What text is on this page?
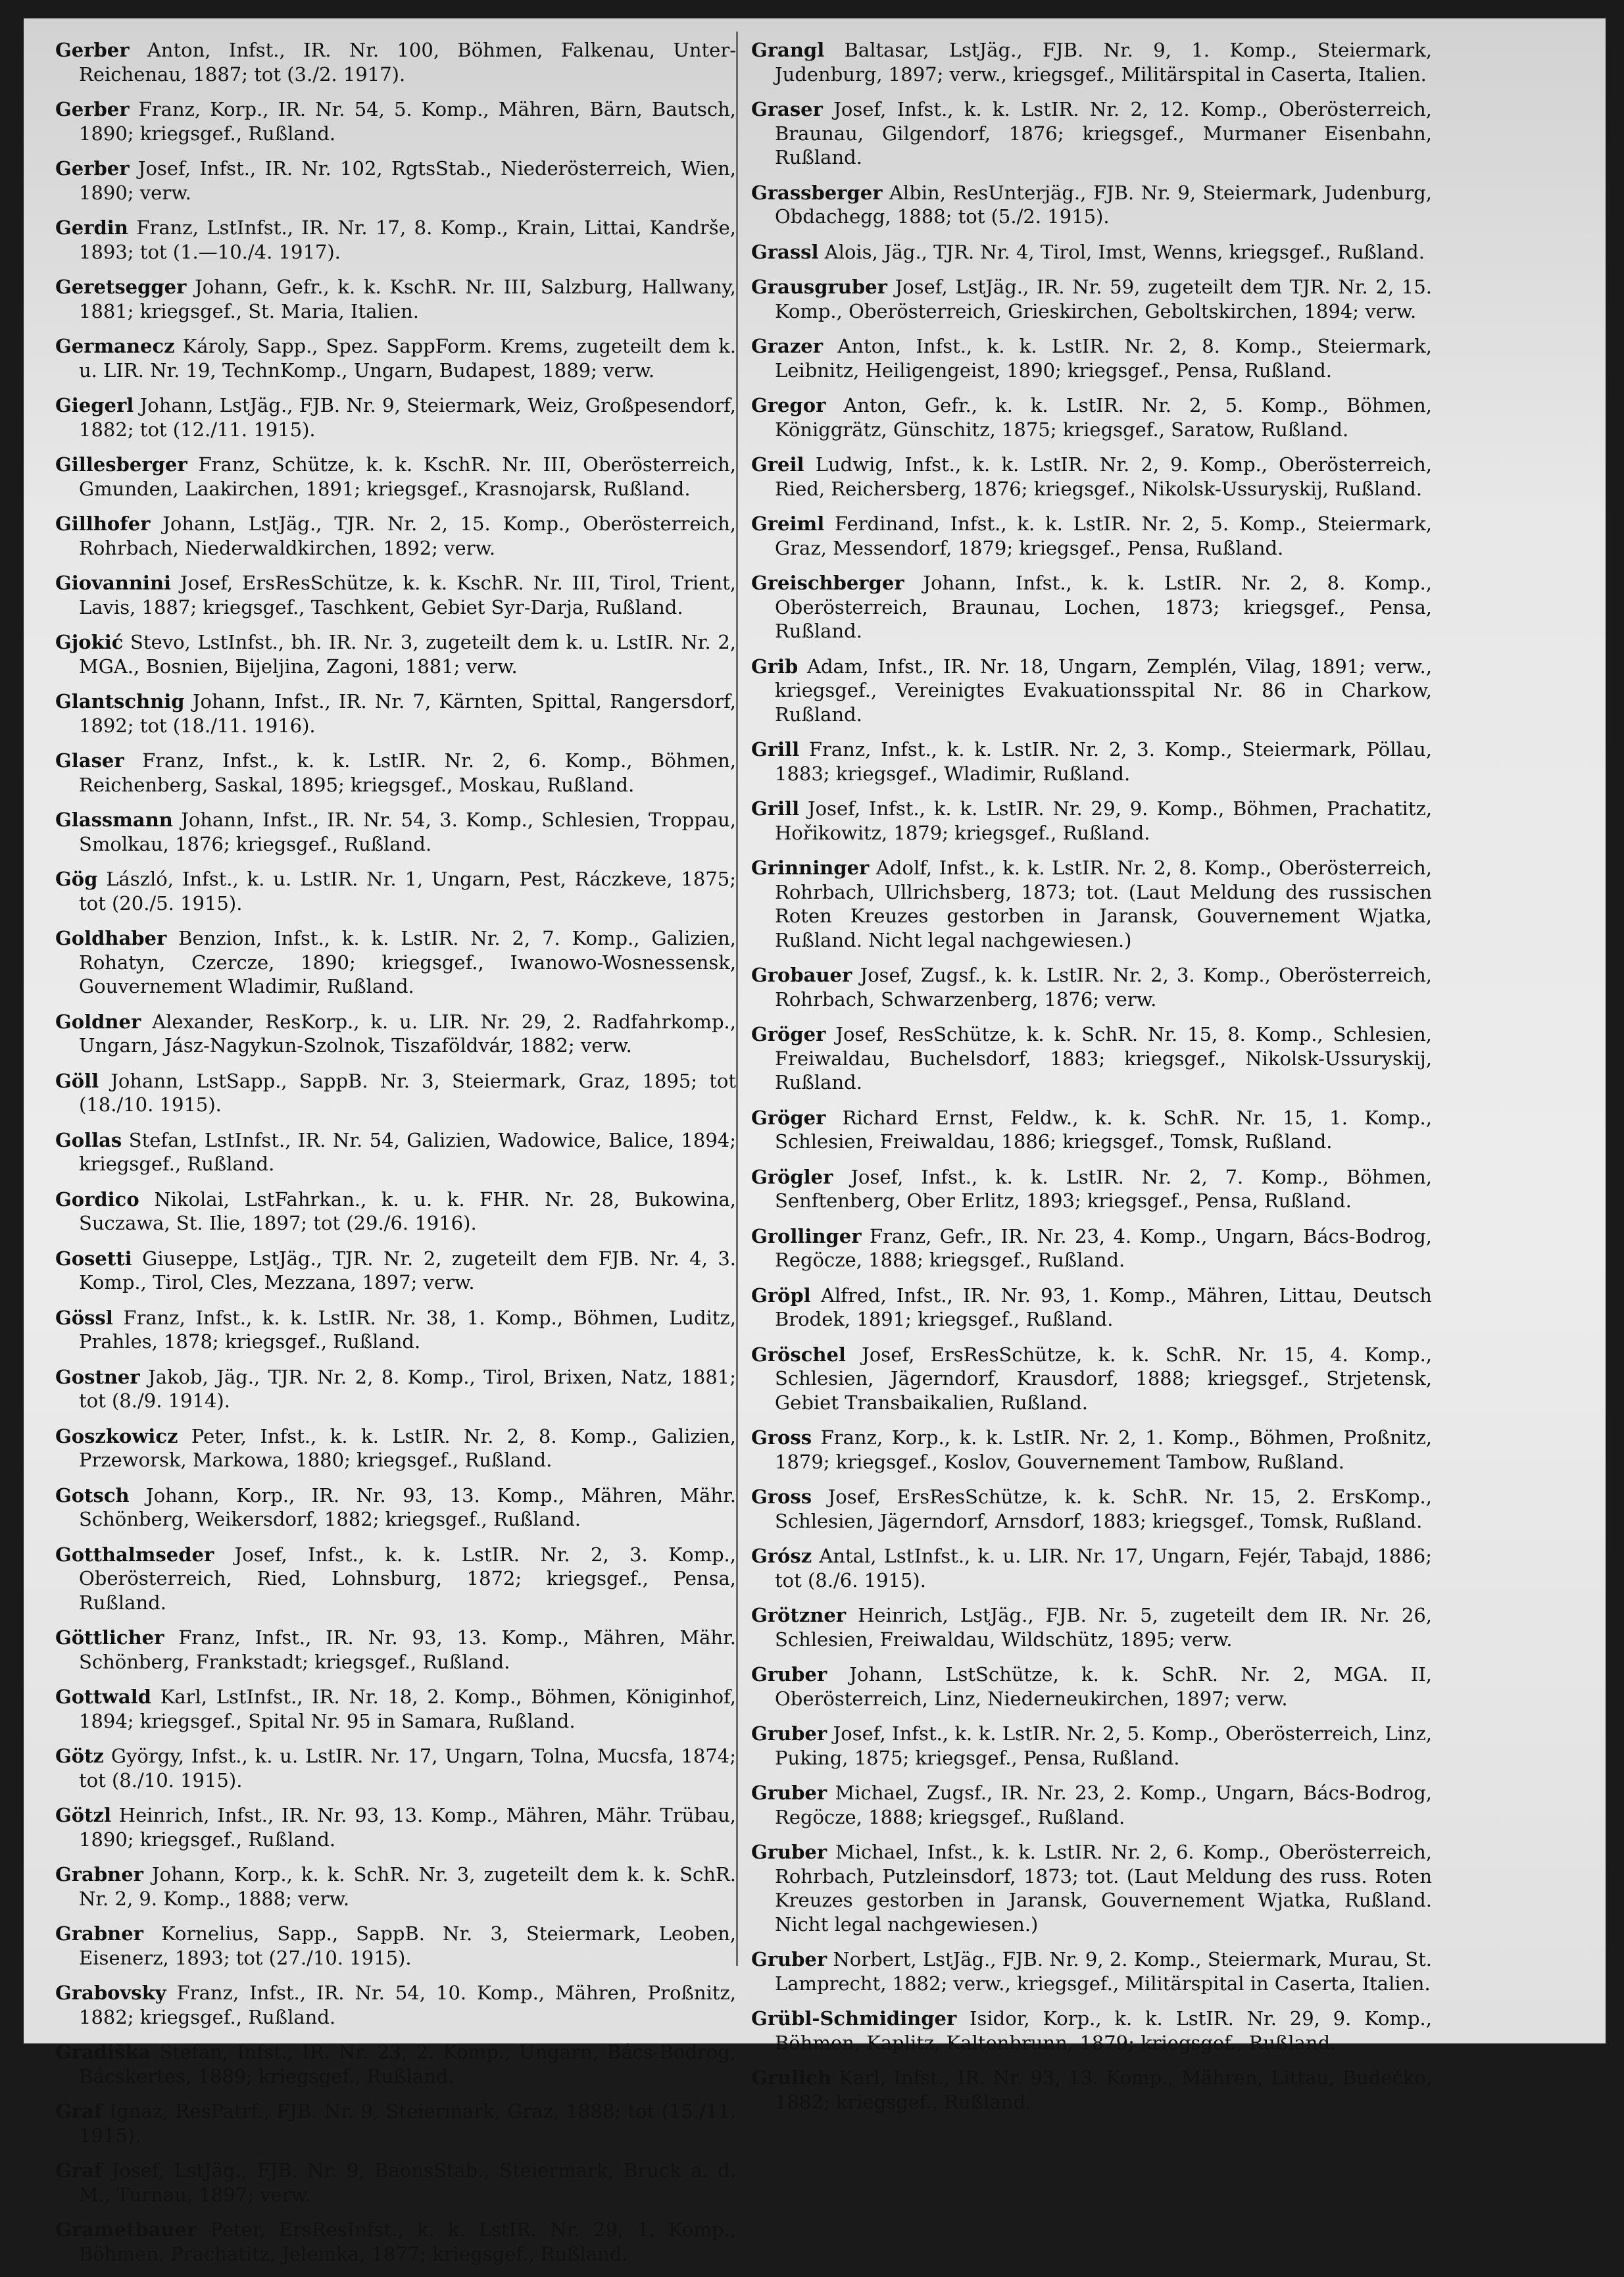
Gerber Anton, Infst., IR. Nr. 100, Böhmen, Falkenau, Unter-Reichenau, 1887; tot (3./2. 1917).
Gerber Franz, Korp., IR. Nr. 54, 5. Komp., Mähren, Bärn, Bautsch, 1890; kriegsgef., Rußland.
Gerber Josef, Infst., IR. Nr. 102, RgtsStab., Niederösterreich, Wien, 1890; verw.
Gerdin Franz, LstInfst., IR. Nr. 17, 8. Komp., Krain, Littai, Kandrše, 1893; tot (1.—10./4. 1917).
Geretsegger Johann, Gefr., k. k. KschR. Nr. III, Salzburg, Hallwany, 1881; kriegsgef., St. Maria, Italien.
Germanecz Károly, Sapp., Spez. SappForm. Krems, zugeteilt dem k. u. LIR. Nr. 19, TechnKomp., Ungarn, Budapest, 1889; verw.
Giegerl Johann, LstJäg., FJB. Nr. 9, Steiermark, Weiz, Großpesendorf, 1882; tot (12./11. 1915).
Gillesberger Franz, Schütze, k. k. KschR. Nr. III, Oberösterreich, Gmunden, Laakirchen, 1891; kriegsgef., Krasnojarsk, Rußland.
Gillhofer Johann, LstJäg., TJR. Nr. 2, 15. Komp., Oberösterreich, Rohrbach, Niederwaldkirchen, 1892; verw.
Giovannini Josef, ErsResSchütze, k. k. KschR. Nr. III, Tirol, Trient, Lavis, 1887; kriegsgef., Taschkent, Gebiet Syr-Darja, Rußland.
Gjokić Stevo, LstInfst., bh. IR. Nr. 3, zugeteilt dem k. u. LstIR. Nr. 2, MGA., Bosnien, Bijeljina, Zagoni, 1881; verw.
Glantschnig Johann, Infst., IR. Nr. 7, Kärnten, Spittal, Rangersdorf, 1892; tot (18./11. 1916).
Glaser Franz, Infst., k. k. LstIR. Nr. 2, 6. Komp., Böhmen, Reichenberg, Saskal, 1895; kriegsgef., Moskau, Rußland.
Glassmann Johann, Infst., IR. Nr. 54, 3. Komp., Schlesien, Troppau, Smolkau, 1876; kriegsgef., Rußland.
Gög László, Infst., k. u. LstIR. Nr. 1, Ungarn, Pest, Ráczkeve, 1875; tot (20./5. 1915).
Goldhaber Benzion, Infst., k. k. LstIR. Nr. 2, 7. Komp., Galizien, Rohatyn, Czercze, 1890; kriegsgef., Iwanowo-Wosnessensk, Gouvernement Wladimir, Rußland.
Goldner Alexander, ResKorp., k. u. LIR. Nr. 29, 2. Radfahrkomp., Ungarn, Jász-Nagykun-Szolnok, Tiszaföldvár, 1882; verw.
Göll Johann, LstSapp., SappB. Nr. 3, Steiermark, Graz, 1895; tot (18./10. 1915).
Gollas Stefan, LstInfst., IR. Nr. 54, Galizien, Wadowice, Balice, 1894; kriegsgef., Rußland.
Gordico Nikolai, LstFahrkan., k. u. k. FHR. Nr. 28, Bukowina, Suczawa, St. Ilie, 1897; tot (29./6. 1916).
Gosetti Giuseppe, LstJäg., TJR. Nr. 2, zugeteilt dem FJB. Nr. 4, 3. Komp., Tirol, Cles, Mezzana, 1897; verw.
Gössl Franz, Infst., k. k. LstIR. Nr. 38, 1. Komp., Böhmen, Luditz, Prahles, 1878; kriegsgef., Rußland.
Gostner Jakob, Jäg., TJR. Nr. 2, 8. Komp., Tirol, Brixen, Natz, 1881; tot (8./9. 1914).
Goszkowicz Peter, Infst., k. k. LstIR. Nr. 2, 8. Komp., Galizien, Przeworsk, Markowa, 1880; kriegsgef., Rußland.
Gotsch Johann, Korp., IR. Nr. 93, 13. Komp., Mähren, Mähr. Schönberg, Weikersdorf, 1882; kriegsgef., Rußland.
Gotthalmseder Josef, Infst., k. k. LstIR. Nr. 2, 3. Komp., Oberösterreich, Ried, Lohnsburg, 1872; kriegsgef., Pensa, Rußland.
Göttlicher Franz, Infst., IR. Nr. 93, 13. Komp., Mähren, Mähr. Schönberg, Frankstadt; kriegsgef., Rußland.
Gottwald Karl, LstInfst., IR. Nr. 18, 2. Komp., Böhmen, Königinhof, 1894; kriegsgef., Spital Nr. 95 in Samara, Rußland.
Götz György, Infst., k. u. LstIR. Nr. 17, Ungarn, Tolna, Mucsfa, 1874; tot (8./10. 1915).
Götzl Heinrich, Infst., IR. Nr. 93, 13. Komp., Mähren, Mähr. Trübau, 1890; kriegsgef., Rußland.
Grabner Johann, Korp., k. k. SchR. Nr. 3, zugeteilt dem k. k. SchR. Nr. 2, 9. Komp., 1888; verw.
Grabner Kornelius, Sapp., SappB. Nr. 3, Steiermark, Leoben, Eisenerz, 1893; tot (27./10. 1915).
Grabovsky Franz, Infst., IR. Nr. 54, 10. Komp., Mähren, Proßnitz, 1882; kriegsgef., Rußland.
Gradiška Stefan, Infst., IR. Nr. 23, 2. Komp., Ungarn, Bács-Bodrog, Bácskertes, 1889; kriegsgef., Rußland.
Graf Ignaz, ResPatrf., FJB. Nr. 9, Steiermark, Graz, 1888; tot (15./11. 1915).
Graf Josef, LstJäg., FJB. Nr. 9, BaonsStab., Steiermark, Bruck a. d. M., Turnau, 1897; verw.
Grametbauer Peter, ErsResInfst., k. k. LstIR. Nr. 29, 1. Komp., Böhmen, Prachatitz, Jelemka, 1877; kriegsgef., Rußland.
Grangl Baltasar, LstJäg., FJB. Nr. 9, 1. Komp., Steiermark, Judenburg, 1897; verw., kriegsgef., Militärspital in Caserta, Italien.
Graser Josef, Infst., k. k. LstIR. Nr. 2, 12. Komp., Oberösterreich, Braunau, Gilgendorf, 1876; kriegsgef., Murmaner Eisenbahn, Rußland.
Grassberger Albin, ResUnterjäg., FJB. Nr. 9, Steiermark, Judenburg, Obdachegg, 1888; tot (5./2. 1915).
Grassl Alois, Jäg., TJR. Nr. 4, Tirol, Imst, Wenns, kriegsgef., Rußland.
Grausgruber Josef, LstJäg., IR. Nr. 59, zugeteilt dem TJR. Nr. 2, 15. Komp., Oberösterreich, Grieskirchen, Geboltskirchen, 1894; verw.
Grazer Anton, Infst., k. k. LstIR. Nr. 2, 8. Komp., Steiermark, Leibnitz, Heiligengeist, 1890; kriegsgef., Pensa, Rußland.
Gregor Anton, Gefr., k. k. LstIR. Nr. 2, 5. Komp., Böhmen, Königgrätz, Günschitz, 1875; kriegsgef., Saratow, Rußland.
Greil Ludwig, Infst., k. k. LstIR. Nr. 2, 9. Komp., Oberösterreich, Ried, Reichersberg, 1876; kriegsgef., Nikolsk-Ussuryskij, Rußland.
Greiml Ferdinand, Infst., k. k. LstIR. Nr. 2, 5. Komp., Steiermark, Graz, Messendorf, 1879; kriegsgef., Pensa, Rußland.
Greischberger Johann, Infst., k. k. LstIR. Nr. 2, 8. Komp., Oberösterreich, Braunau, Lochen, 1873; kriegsgef., Pensa, Rußland.
Grib Adam, Infst., IR. Nr. 18, Ungarn, Zemplén, Vilag, 1891; verw., kriegsgef., Vereinigtes Evakuationsspital Nr. 86 in Charkow, Rußland.
Grill Franz, Infst., k. k. LstIR. Nr. 2, 3. Komp., Steiermark, Pöllau, 1883; kriegsgef., Wladimir, Rußland.
Grill Josef, Infst., k. k. LstIR. Nr. 29, 9. Komp., Böhmen, Prachatitz, Hořikowitz, 1879; kriegsgef., Rußland.
Grinninger Adolf, Infst., k. k. LstIR. Nr. 2, 8. Komp., Oberösterreich, Rohrbach, Ullrichsberg, 1873; tot. (Laut Meldung des russischen Roten Kreuzes gestorben in Jaransk, Gouvernement Wjatka, Rußland. Nicht legal nachgewiesen.)
Grobauer Josef, Zugsf., k. k. LstIR. Nr. 2, 3. Komp., Oberösterreich, Rohrbach, Schwarzenberg, 1876; verw.
Gröger Josef, ResSchütze, k. k. SchR. Nr. 15, 8. Komp., Schlesien, Freiwaldau, Buchelsdorf, 1883; kriegsgef., Nikolsk-Ussuryskij, Rußland.
Gröger Richard Ernst, Feldw., k. k. SchR. Nr. 15, 1. Komp., Schlesien, Freiwaldau, 1886; kriegsgef., Tomsk, Rußland.
Grögler Josef, Infst., k. k. LstIR. Nr. 2, 7. Komp., Böhmen, Senftenberg, Ober Erlitz, 1893; kriegsgef., Pensa, Rußland.
Grollinger Franz, Gefr., IR. Nr. 23, 4. Komp., Ungarn, Bács-Bodrog, Regöcze, 1888; kriegsgef., Rußland.
Gröpl Alfred, Infst., IR. Nr. 93, 1. Komp., Mähren, Littau, Deutsch Brodek, 1891; kriegsgef., Rußland.
Gröschel Josef, ErsResSchütze, k. k. SchR. Nr. 15, 4. Komp., Schlesien, Jägerndorf, Krausdorf, 1888; kriegsgef., Strjetensk, Gebiet Transbaikalien, Rußland.
Gross Franz, Korp., k. k. LstIR. Nr. 2, 1. Komp., Böhmen, Proßnitz, 1879; kriegsgef., Koslov, Gouvernement Tambow, Rußland.
Gross Josef, ErsResSchütze, k. k. SchR. Nr. 15, 2. ErsKomp., Schlesien, Jägerndorf, Arnsdorf, 1883; kriegsgef., Tomsk, Rußland.
Grósz Antal, LstInfst., k. u. LIR. Nr. 17, Ungarn, Fejér, Tabajd, 1886; tot (8./6. 1915).
Grötzner Heinrich, LstJäg., FJB. Nr. 5, zugeteilt dem IR. Nr. 26, Schlesien, Freiwaldau, Wildschütz, 1895; verw.
Gruber Johann, LstSchütze, k. k. SchR. Nr. 2, MGA. II, Oberösterreich, Linz, Niederneukirchen, 1897; verw.
Gruber Josef, Infst., k. k. LstIR. Nr. 2, 5. Komp., Oberösterreich, Linz, Puking, 1875; kriegsgef., Pensa, Rußland.
Gruber Michael, Zugsf., IR. Nr. 23, 2. Komp., Ungarn, Bács-Bodrog, Regöcze, 1888; kriegsgef., Rußland.
Gruber Michael, Infst., k. k. LstIR. Nr. 2, 6. Komp., Oberösterreich, Rohrbach, Putzleinsdorf, 1873; tot. (Laut Meldung des russ. Roten Kreuzes gestorben in Jaransk, Gouvernement Wjatka, Rußland. Nicht legal nachgewiesen.)
Gruber Norbert, LstJäg., FJB. Nr. 9, 2. Komp., Steiermark, Murau, St. Lamprecht, 1882; verw., kriegsgef., Militärspital in Caserta, Italien.
Grübl-Schmidinger Isidor, Korp., k. k. LstIR. Nr. 29, 9. Komp., Böhmen, Kaplitz, Kaltenbrunn, 1879; kriegsgef., Rußland.
Grulich Karl, Infst., IR. Nr. 93, 13. Komp., Mähren, Littau, Budečko, 1882; kriegsgef., Rußland.
